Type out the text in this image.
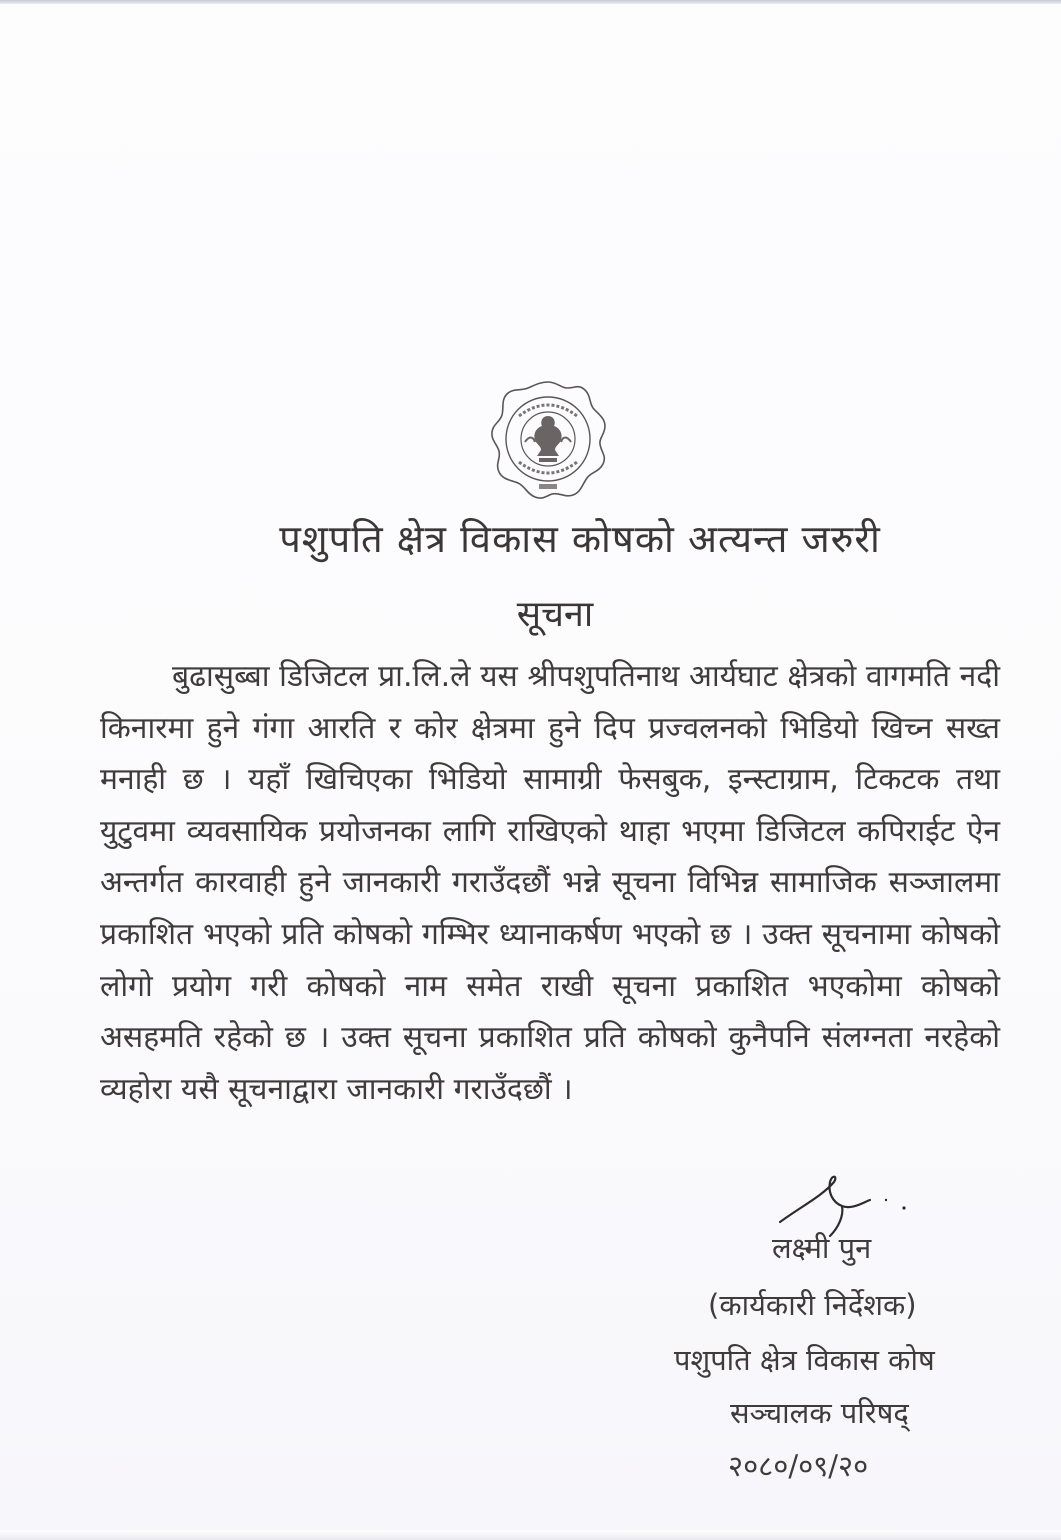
पशुपति क्षेत्र विकास कोषको अत्यन्त जरुरी
सूचना
बुढासुब्बा डिजिटल प्रा.लि.ले यस श्रीपशुपतिनाथ आर्यघाट क्षेत्रको वागमति नदी किनारमा हुने गंगा आरति र कोर क्षेत्रमा हुने दिप प्रज्वलनको भिडियो खिच्न सख्त मनाही छ । यहाँ खिचिएका भिडियो सामाग्री फेसबुक, इन्स्टाग्राम, टिकटक तथा युटुवमा व्यवसायिक प्रयोजनका लागि राखिएको थाहा भएमा डिजिटल कपिराईट ऐन अन्तर्गत कारवाही हुने जानकारी गराउँदछौं भन्ने सूचना विभिन्न सामाजिक सञ्जालमा प्रकाशित भएको प्रति कोषको गम्भिर ध्यानाकर्षण भएको छ । उक्त सूचनामा कोषको लोगो प्रयोग गरी कोषको नाम समेत राखी सूचना प्रकाशित भएकोमा कोषको असहमति रहेको छ । उक्त सूचना प्रकाशित प्रति कोषको कुनैपनि संलग्नता नरहेको व्यहोरा यसै सूचनाद्वारा जानकारी गराउँदछौं ।
लक्ष्मी पुन
(कार्यकारी निर्देशक)
पशुपति क्षेत्र विकास कोष
सञ्चालक परिषद्
२०८०/०९/२०
